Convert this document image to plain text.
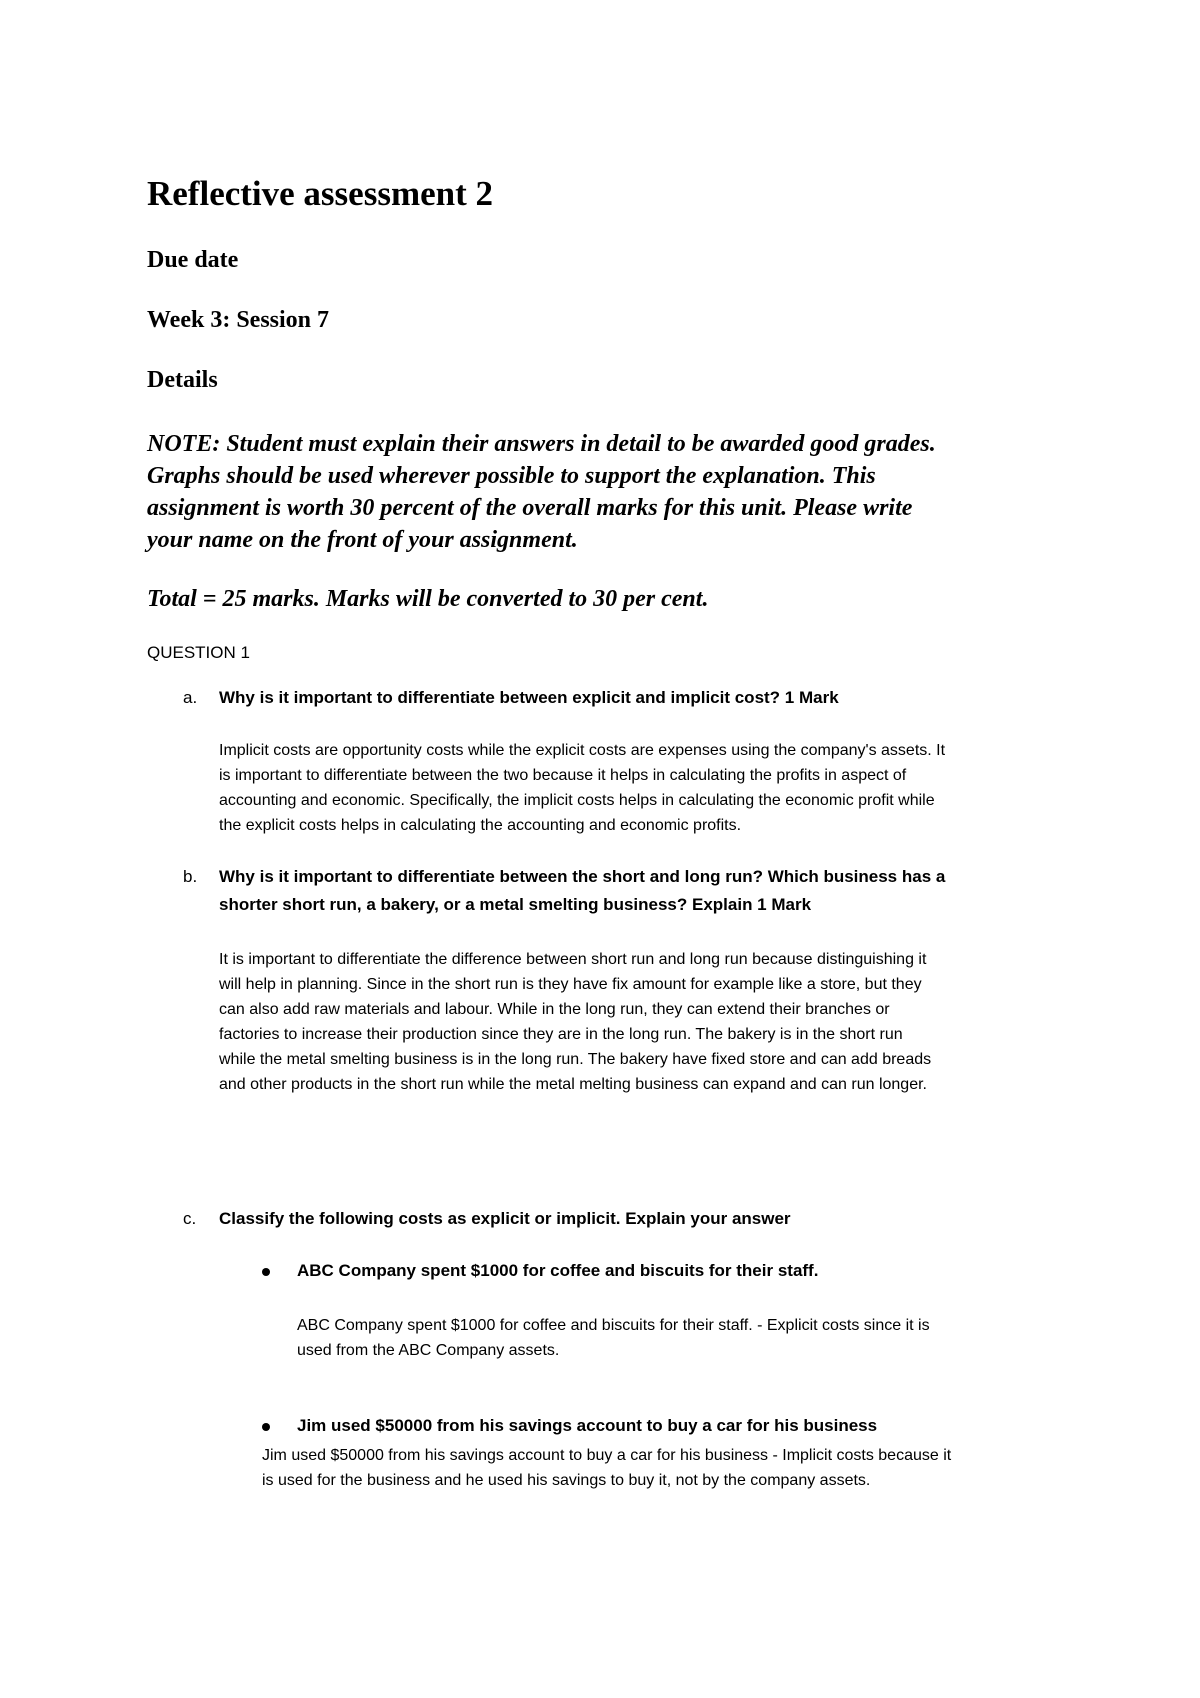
Reflective assessment 2
Due date
Week 3: Session 7
Details
NOTE: Student must explain their answers in detail to be awarded good grades.
Graphs should be used wherever possible to support the explanation. This
assignment is worth 30 percent of the overall marks for this unit. Please write
your name on the front of your assignment.
Total = 25 marks. Marks will be converted to 30 per cent.
QUESTION 1
a. Why is it important to differentiate between explicit and implicit cost? 1 Mark
Implicit costs are opportunity costs while the explicit costs are expenses using the company's assets. It
is important to differentiate between the two because it helps in calculating the profits in aspect of
accounting and economic. Specifically, the implicit costs helps in calculating the economic profit while
the explicit costs helps in calculating the accounting and economic profits.
b. Why is it important to differentiate between the short and long run? Which business has a
shorter short run, a bakery, or a metal smelting business? Explain 1 Mark
It is important to differentiate the difference between short run and long run because distinguishing it
will help in planning. Since in the short run is they have fix amount for example like a store, but they
can also add raw materials and labour. While in the long run, they can extend their branches or
factories to increase their production since they are in the long run. The bakery is in the short run
while the metal smelting business is in the long run. The bakery have fixed store and can add breads
and other products in the short run while the metal melting business can expand and can run longer.
c. Classify the following costs as explicit or implicit. Explain your answer
ABC Company spent $1000 for coffee and biscuits for their staff.
ABC Company spent $1000 for coffee and biscuits for their staff. - Explicit costs since it is
used from the ABC Company assets.
Jim used $50000 from his savings account to buy a car for his business
Jim used $50000 from his savings account to buy a car for his business - Implicit costs because it
is used for the business and he used his savings to buy it, not by the company assets.
